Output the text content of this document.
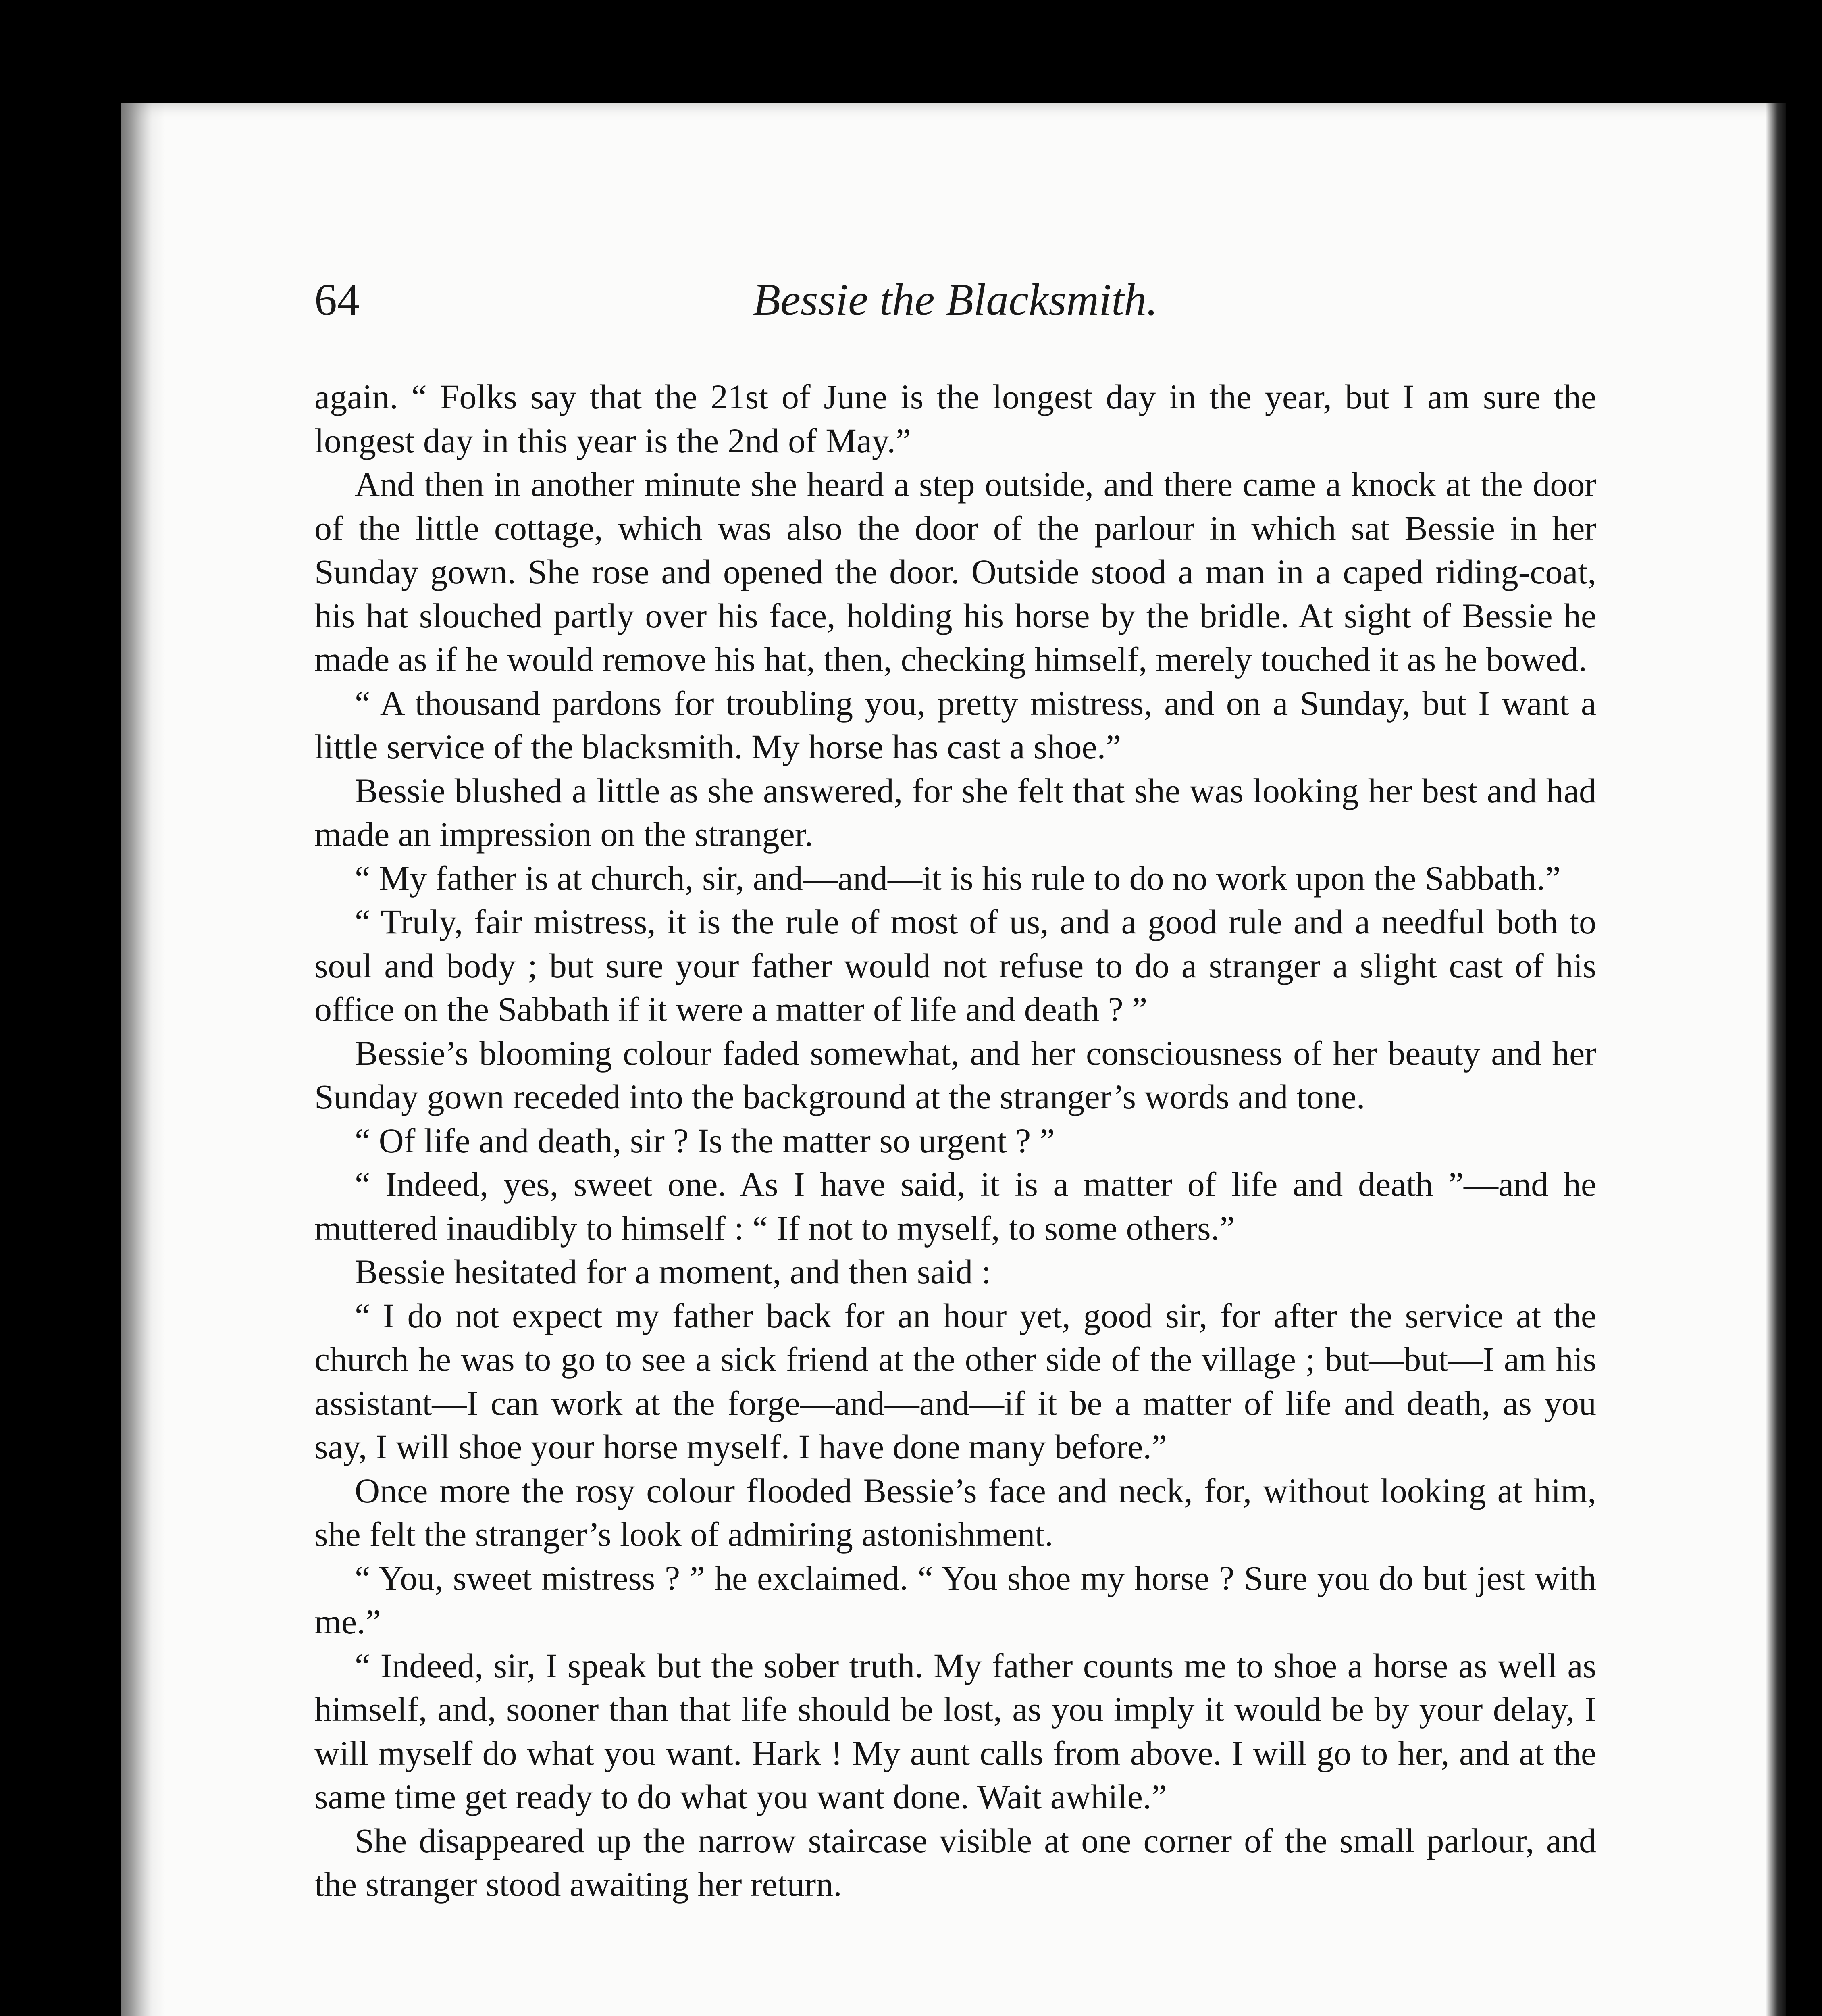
64	Bessie the Blacksmith.

again. “ Folks say that the 21st of June is the longest day in the year, but I am sure the longest day in this year is the 2nd of May.”

And then in another minute she heard a step outside, and there came a knock at the door of the little cottage, which was also the door of the parlour in which sat Bessie in her Sunday gown. She rose and opened the door. Outside stood a man in a caped riding-coat, his hat slouched partly over his face, holding his horse by the bridle. At sight of Bessie he made as if he would remove his hat, then, checking himself, merely touched it as he bowed.

“ A thousand pardons for troubling you, pretty mistress, and on a Sunday, but I want a little service of the blacksmith. My horse has cast a shoe.”

Bessie blushed a little as she answered, for she felt that she was looking her best and had made an impression on the stranger.

“ My father is at church, sir, and—and—it is his rule to do no work upon the Sabbath.”

“ Truly, fair mistress, it is the rule of most of us, and a good rule and a needful both to soul and body ; but sure your father would not refuse to do a stranger a slight cast of his office on the Sabbath if it were a matter of life and death ? ”

Bessie’s blooming colour faded somewhat, and her consciousness of her beauty and her Sunday gown receded into the background at the stranger’s words and tone.

“ Of life and death, sir ? Is the matter so urgent ? ”

“ Indeed, yes, sweet one. As I have said, it is a matter of life and death ”—and he muttered inaudibly to himself : “ If not to myself, to some others.”

Bessie hesitated for a moment, and then said :

“ I do not expect my father back for an hour yet, good sir, for after the service at the church he was to go to see a sick friend at the other side of the village ; but—but—I am his assistant—I can work at the forge—and—and—if it be a matter of life and death, as you say, I will shoe your horse myself. I have done many before.”

Once more the rosy colour flooded Bessie’s face and neck, for, without looking at him, she felt the stranger’s look of admiring astonishment.

“ You, sweet mistress ? ” he exclaimed. “ You shoe my horse ? Sure you do but jest with me.”

“ Indeed, sir, I speak but the sober truth. My father counts me to shoe a horse as well as himself, and, sooner than that life should be lost, as you imply it would be by your delay, I will myself do what you want. Hark ! My aunt calls from above. I will go to her, and at the same time get ready to do what you want done. Wait awhile.”

She disappeared up the narrow staircase visible at one corner of the small parlour, and the stranger stood awaiting her return.
